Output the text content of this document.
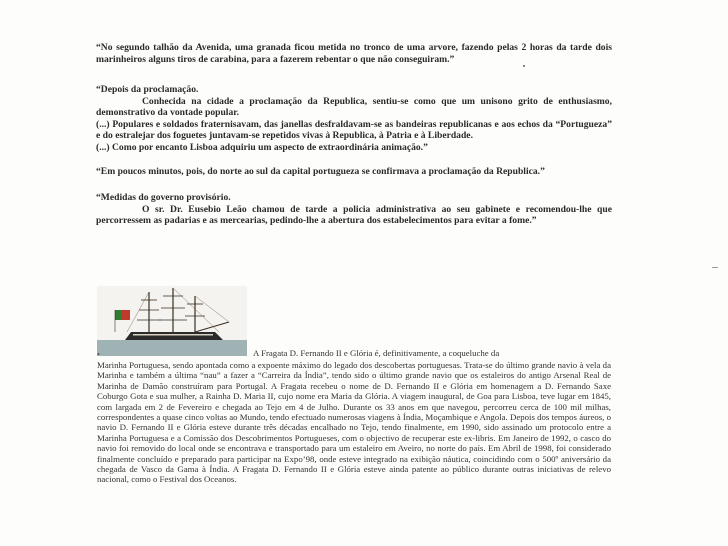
“No segundo talhão da Avenida, uma granada ficou metida no tronco de uma arvore, fazendo pelas 2 horas da tarde dois marinheiros alguns tiros de carabina, para a fazerem rebentar o que não conseguiram.”

“Depois da proclamação.

Conhecida na cidade a proclamação da Republica, sentiu-se como que um unisono grito de enthusiasmo, demonstrativo da vontade popular.

(...) Populares e soldados fraternisavam, das janellas desfraldavam-se as bandeiras republicanas e aos echos da “Portugueza” e do estralejar dos foguetes juntavam-se repetidos vivas à Republica, à Patria e à Liberdade.

(...) Como por encanto Lisboa adquiriu um aspecto de extraordinária animação.”

“Em poucos minutos, pois, do norte ao sul da capital portugueza se confirmava a proclamação da Republica.”

“Medidas do governo provisório.

O sr. Dr. Eusebio Leão chamou de tarde a policia administrativa ao seu gabinete e recomendou-lhe que percorressem as padarias e as mercearias, pedindo-lhe a abertura dos estabelecimentos para evitar a fome.”

•	A Fragata D. Fernando II e Glória é, definitivamente, a coqueluche da
Marinha Portuguesa, sendo apontada como a expoente máximo do legado dos descobertas portuguesas. Trata-se do último grande navio à vela da Marinha e também a última “nau” a fazer a “Carreira da Índia”, tendo sido o último grande navio que os estaleiros do antigo Arsenal Real de Marinha de Damão construíram para Portugal. A Fragata recebeu o nome de D. Fernando II e Glória em homenagem a D. Fernando Saxe Coburgo Gota e sua mulher, a Rainha D. Maria II, cujo nome era Maria da Glória. A viagem inaugural, de Goa para Lisboa, teve lugar em 1845, com largada em 2 de Fevereiro e chegada ao Tejo em 4 de Julho. Durante os 33 anos em que navegou, percorreu cerca de 100 mil milhas, correspondentes a quase cinco voltas ao Mundo, tendo efectuado numerosas viagens à Índia, Moçambique e Angola. Depois dos tempos áureos, o navio D. Fernando II e Glória esteve durante três décadas encalhado no Tejo, tendo finalmente, em 1990, sido assinado um protocolo entre a Marinha Portuguesa e a Comissão dos Descobrimentos Portugueses, com o objectivo de recuperar este ex-libris. Em Janeiro de 1992, o casco do navio foi removido do local onde se encontrava e transportado para um estaleiro em Aveiro, no norte do país. Em Abril de 1998, foi considerado finalmente concluído e preparado para participar na Expo’98, onde esteve integrado na exibição náutica, coincidindo com o 500º aniversário da chegada de Vasco da Gama à Índia. A Fragata D. Fernando II e Glória esteve ainda patente ao público durante outras iniciativas de relevo nacional, como o Festival dos Oceanos.
